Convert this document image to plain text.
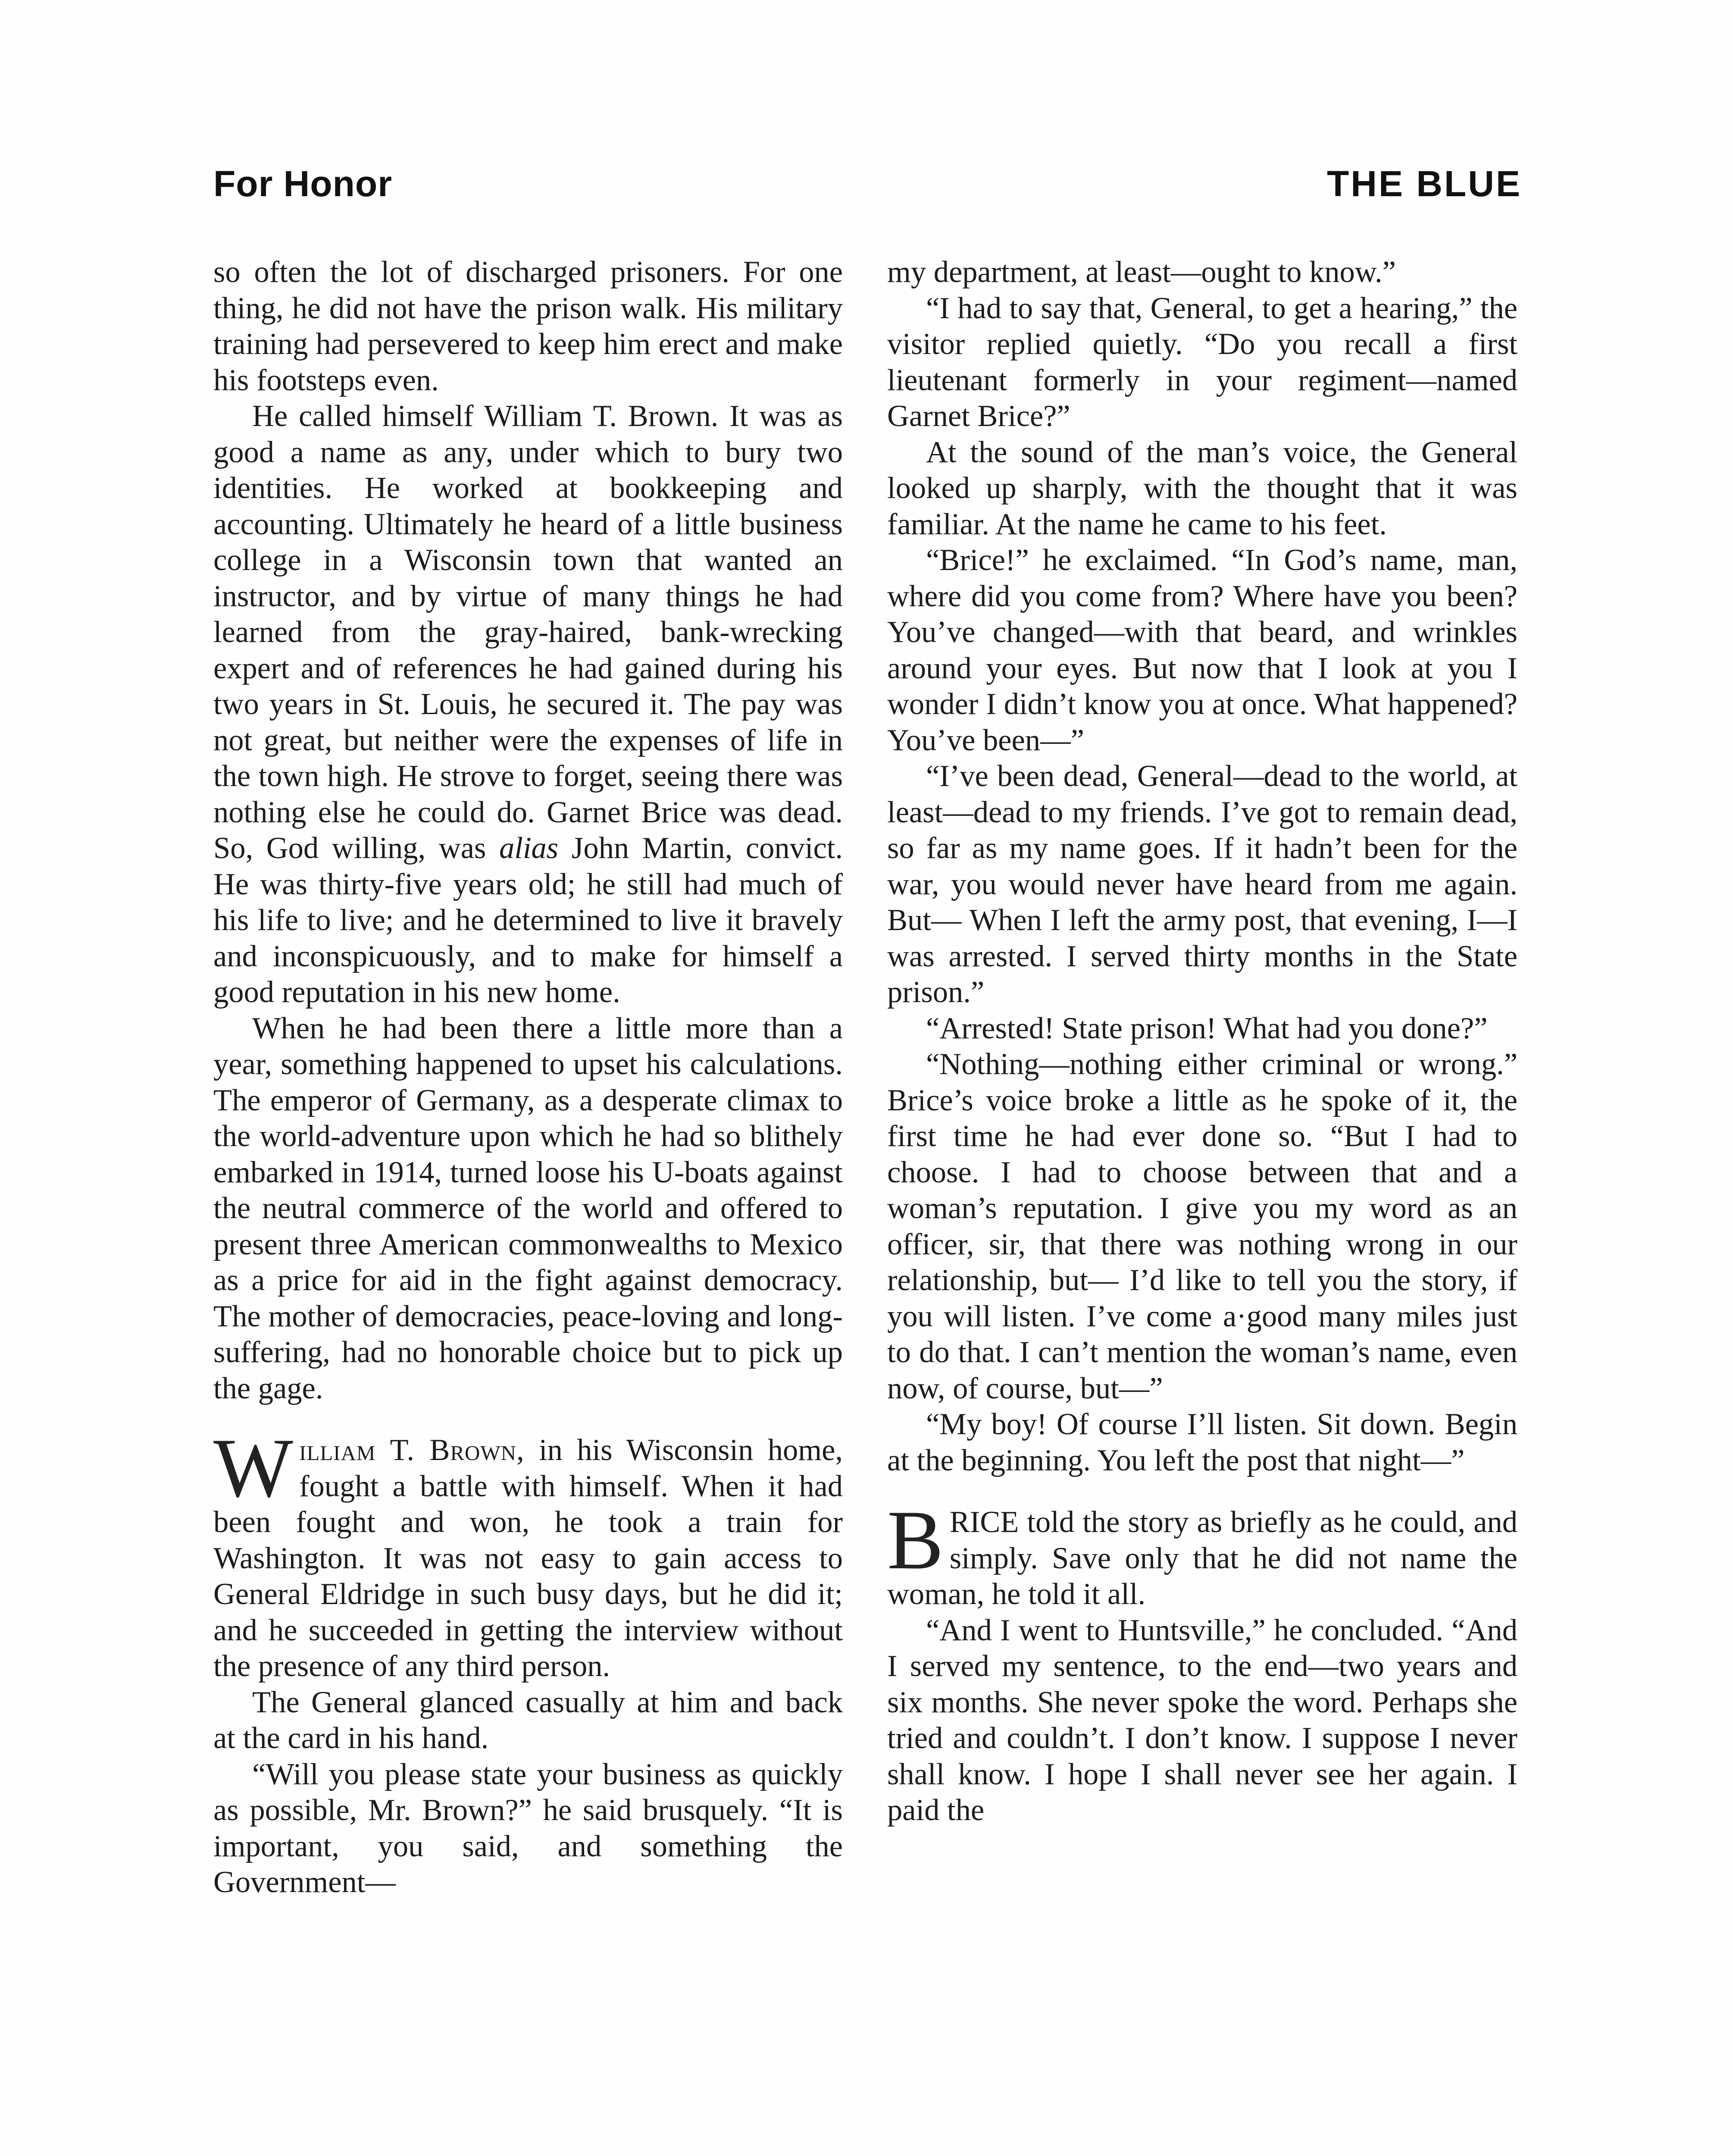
For Honor	THE BLUE

so often the lot of discharged prisoners. For one thing, he did not have the prison walk. His military training had persevered to keep him erect and make his footsteps even.

He called himself William T. Brown. It was as good a name as any, under which to bury two identities. He worked at bookkeeping and accounting. Ultimately he heard of a little business college in a Wisconsin town that wanted an instructor, and by virtue of many things he had learned from the gray-haired, bank-wrecking expert and of references he had gained during his two years in St. Louis, he secured it. The pay was not great, but neither were the expenses of life in the town high. He strove to forget, seeing there was nothing else he could do. Garnet Brice was dead. So, God willing, was alias John Martin, convict. He was thirty-five years old; he still had much of his life to live; and he determined to live it bravely and inconspicuously, and to make for himself a good reputation in his new home.

When he had been there a little more than a year, something happened to upset his calculations. The emperor of Germany, as a desperate climax to the world-adventure upon which he had so blithely embarked in 1914, turned loose his U-boats against the neutral commerce of the world and offered to present three American commonwealths to Mexico as a price for aid in the fight against democracy. The mother of democracies, peace-loving and long-suffering, had no honorable choice but to pick up the gage.

William T. Brown, in his Wisconsin home, fought a battle with himself. When it had been fought and won, he took a train for Washington. It was not easy to gain access to General Eldridge in such busy days, but he did it; and he succeeded in getting the interview without the presence of any third person.

The General glanced casually at him and back at the card in his hand.

“Will you please state your business as quickly as possible, Mr. Brown?” he said brusquely. “It is important, you said, and something the Government—

my department, at least—ought to know.”

“I had to say that, General, to get a hearing,” the visitor replied quietly. “Do you recall a first lieutenant formerly in your regiment—named Garnet Brice?”

At the sound of the man’s voice, the General looked up sharply, with the thought that it was familiar. At the name he came to his feet.

“Brice!” he exclaimed. “In God’s name, man, where did you come from? Where have you been? You’ve changed—with that beard, and wrinkles around your eyes. But now that I look at you I wonder I didn’t know you at once. What happened? You’ve been—”

“I’ve been dead, General—dead to the world, at least—dead to my friends. I’ve got to remain dead, so far as my name goes. If it hadn’t been for the war, you would never have heard from me again. But— When I left the army post, that evening, I—I was arrested. I served thirty months in the State prison.”

“Arrested! State prison! What had you done?”

“Nothing—nothing either criminal or wrong.” Brice’s voice broke a little as he spoke of it, the first time he had ever done so. “But I had to choose. I had to choose between that and a woman’s reputation. I give you my word as an officer, sir, that there was nothing wrong in our relationship, but— I’d like to tell you the story, if you will listen. I’ve come a·good many miles just to do that. I can’t mention the woman’s name, even now, of course, but—”

“My boy! Of course I’ll listen. Sit down. Begin at the beginning. You left the post that night—”

BRICE told the story as briefly as he could, and simply. Save only that he did not name the woman, he told it all.

“And I went to Huntsville,” he concluded. “And I served my sentence, to the end—two years and six months. She never spoke the word. Perhaps she tried and couldn’t. I don’t know. I suppose I never shall know. I hope I shall never see her again. I paid the
